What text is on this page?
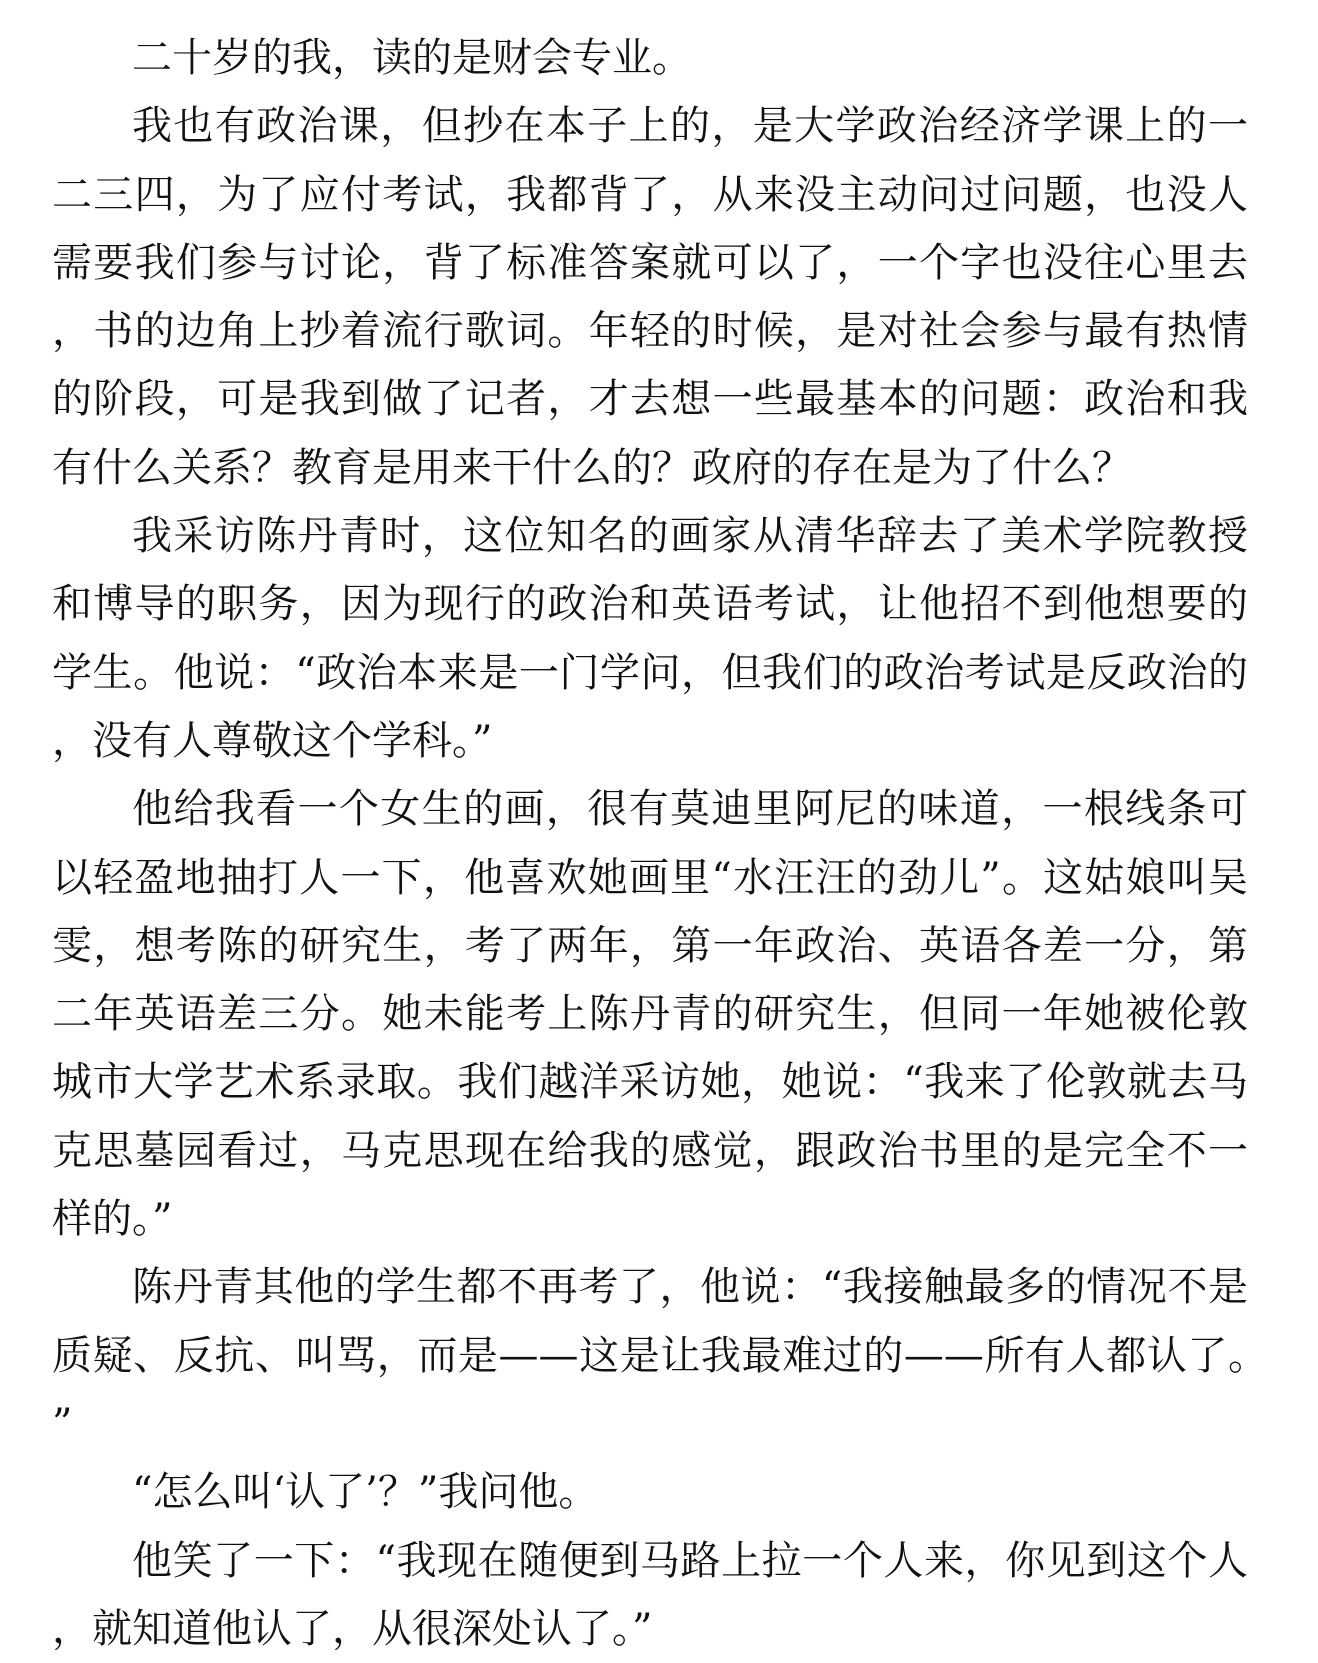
二十岁的我，读的是财会专业。

我也有政治课，但抄在本子上的，是大学政治经济学课上的一二三四，为了应付考试，我都背了，从来没主动问过问题，也没人需要我们参与讨论，背了标准答案就可以了，一个字也没往心里去，书的边角上抄着流行歌词。年轻的时候，是对社会参与最有热情的阶段，可是我到做了记者，才去想一些最基本的问题：政治和我有什么关系？教育是用来干什么的？政府的存在是为了什么？

我采访陈丹青时，这位知名的画家从清华辞去了美术学院教授和博导的职务，因为现行的政治和英语考试，让他招不到他想要的学生。他说：“政治本来是一门学问，但我们的政治考试是反政治的，没有人尊敬这个学科。”

他给我看一个女生的画，很有莫迪里阿尼的味道，一根线条可以轻盈地抽打人一下，他喜欢她画里“水汪汪的劲儿”。这姑娘叫吴雯，想考陈的研究生，考了两年，第一年政治、英语各差一分，第二年英语差三分。她未能考上陈丹青的研究生，但同一年她被伦敦城市大学艺术系录取。我们越洋采访她，她说：“我来了伦敦就去马克思墓园看过，马克思现在给我的感觉，跟政治书里的是完全不一样的。”

陈丹青其他的学生都不再考了，他说：“我接触最多的情况不是质疑、反抗、叫骂，而是——这是让我最难过的——所有人都认了。”

“怎么叫‘认了’？”我问他。

他笑了一下：“我现在随便到马路上拉一个人来，你见到这个人，就知道他认了，从很深处认了。”
